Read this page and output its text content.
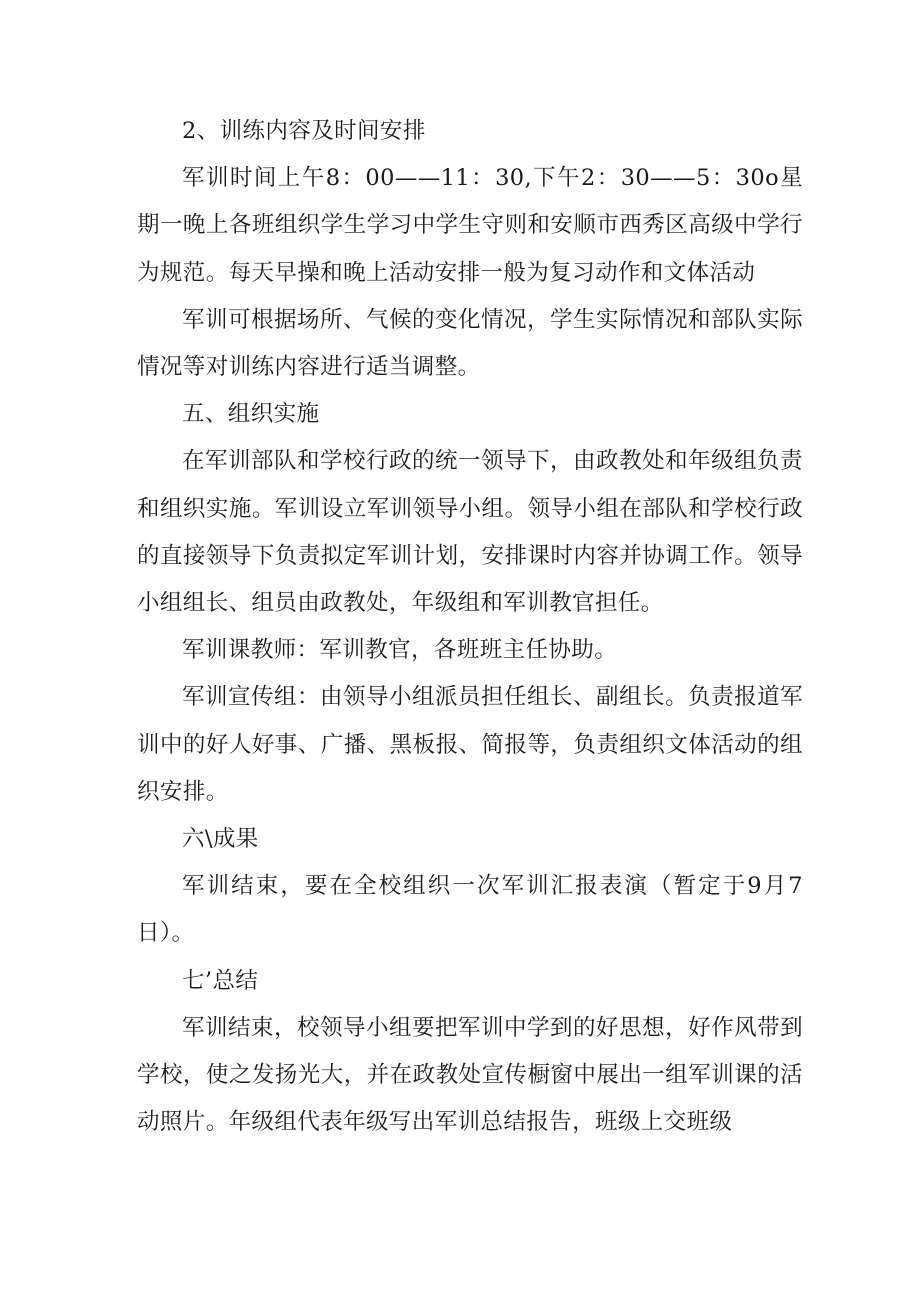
2、训练内容及时间安排

军训时间上午8：00——11：30,下午2：30——5：30o星期一晚上各班组织学生学习中学生守则和安顺市西秀区高级中学行为规范。每天早操和晚上活动安排一般为复习动作和文体活动

军训可根据场所、气候的变化情况，学生实际情况和部队实际情况等对训练内容进行适当调整。

五、组织实施

在军训部队和学校行政的统一领导下，由政教处和年级组负责和组织实施。军训设立军训领导小组。领导小组在部队和学校行政的直接领导下负责拟定军训计划，安排课时内容并协调工作。领导小组组长、组员由政教处，年级组和军训教官担任。

军训课教师：军训教官，各班班主任协助。

军训宣传组：由领导小组派员担任组长、副组长。负责报道军训中的好人好事、广播、黑板报、简报等，负责组织文体活动的组织安排。

六\成果

军训结束，要在全校组织一次军训汇报表演（暂定于9月7日）。

七’总结

军训结束，校领导小组要把军训中学到的好思想，好作风带到学校，使之发扬光大，并在政教处宣传橱窗中展出一组军训课的活动照片。年级组代表年级写出军训总结报告，班级上交班级
